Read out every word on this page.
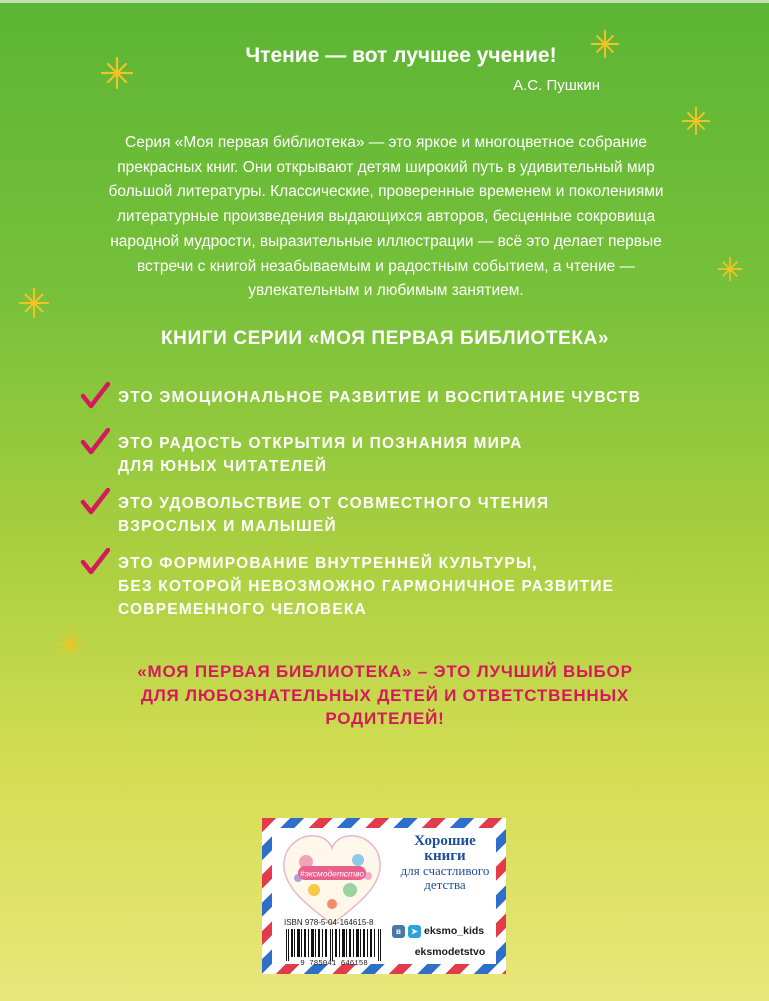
Чтение — вот лучшее учение!
А.С. Пушкин
Серия «Моя первая библиотека» — это яркое и многоцветное собрание прекрасных книг. Они открывают детям широкий путь в удивительный мир большой литературы. Классические, проверенные временем и поколениями литературные произведения выдающихся авторов, бесценные сокровища народной мудрости, выразительные иллюстрации — всё это делает первые встречи с книгой незабываемым и радостным событием, а чтение — увлекательным и любимым занятием.
КНИГИ СЕРИИ «МОЯ ПЕРВАЯ БИБЛИОТЕКА»
ЭТО ЭМОЦИОНАЛЬНОЕ РАЗВИТИЕ И ВОСПИТАНИЕ ЧУВСТВ
ЭТО РАДОСТЬ ОТКРЫТИЯ И ПОЗНАНИЯ МИРА
ДЛЯ ЮНЫХ ЧИТАТЕЛЕЙ
ЭТО УДОВОЛЬСТВИЕ ОТ СОВМЕСТНОГО ЧТЕНИЯ
ВЗРОСЛЫХ И МАЛЫШЕЙ
ЭТО ФОРМИРОВАНИЕ ВНУТРЕННЕЙ КУЛЬТУРЫ,
БЕЗ КОТОРОЙ НЕВОЗМОЖНО ГАРМОНИЧНОЕ РАЗВИТИЕ
СОВРЕМЕННОГО ЧЕЛОВЕКА
«МОЯ ПЕРВАЯ БИБЛИОТЕКА» – ЭТО ЛУЧШИЙ ВЫБОР
ДЛЯ ЛЮБОЗНАТЕЛЬНЫХ ДЕТЕЙ И ОТВЕТСТВЕННЫХ
РОДИТЕЛЕЙ!
#эксмодетство
Хорошие
книги
для счастливого
детства
ISBN 978-5-04-164615-8
9 785041 646158
в	➤ eksmo_kids
eksmodetstvo
